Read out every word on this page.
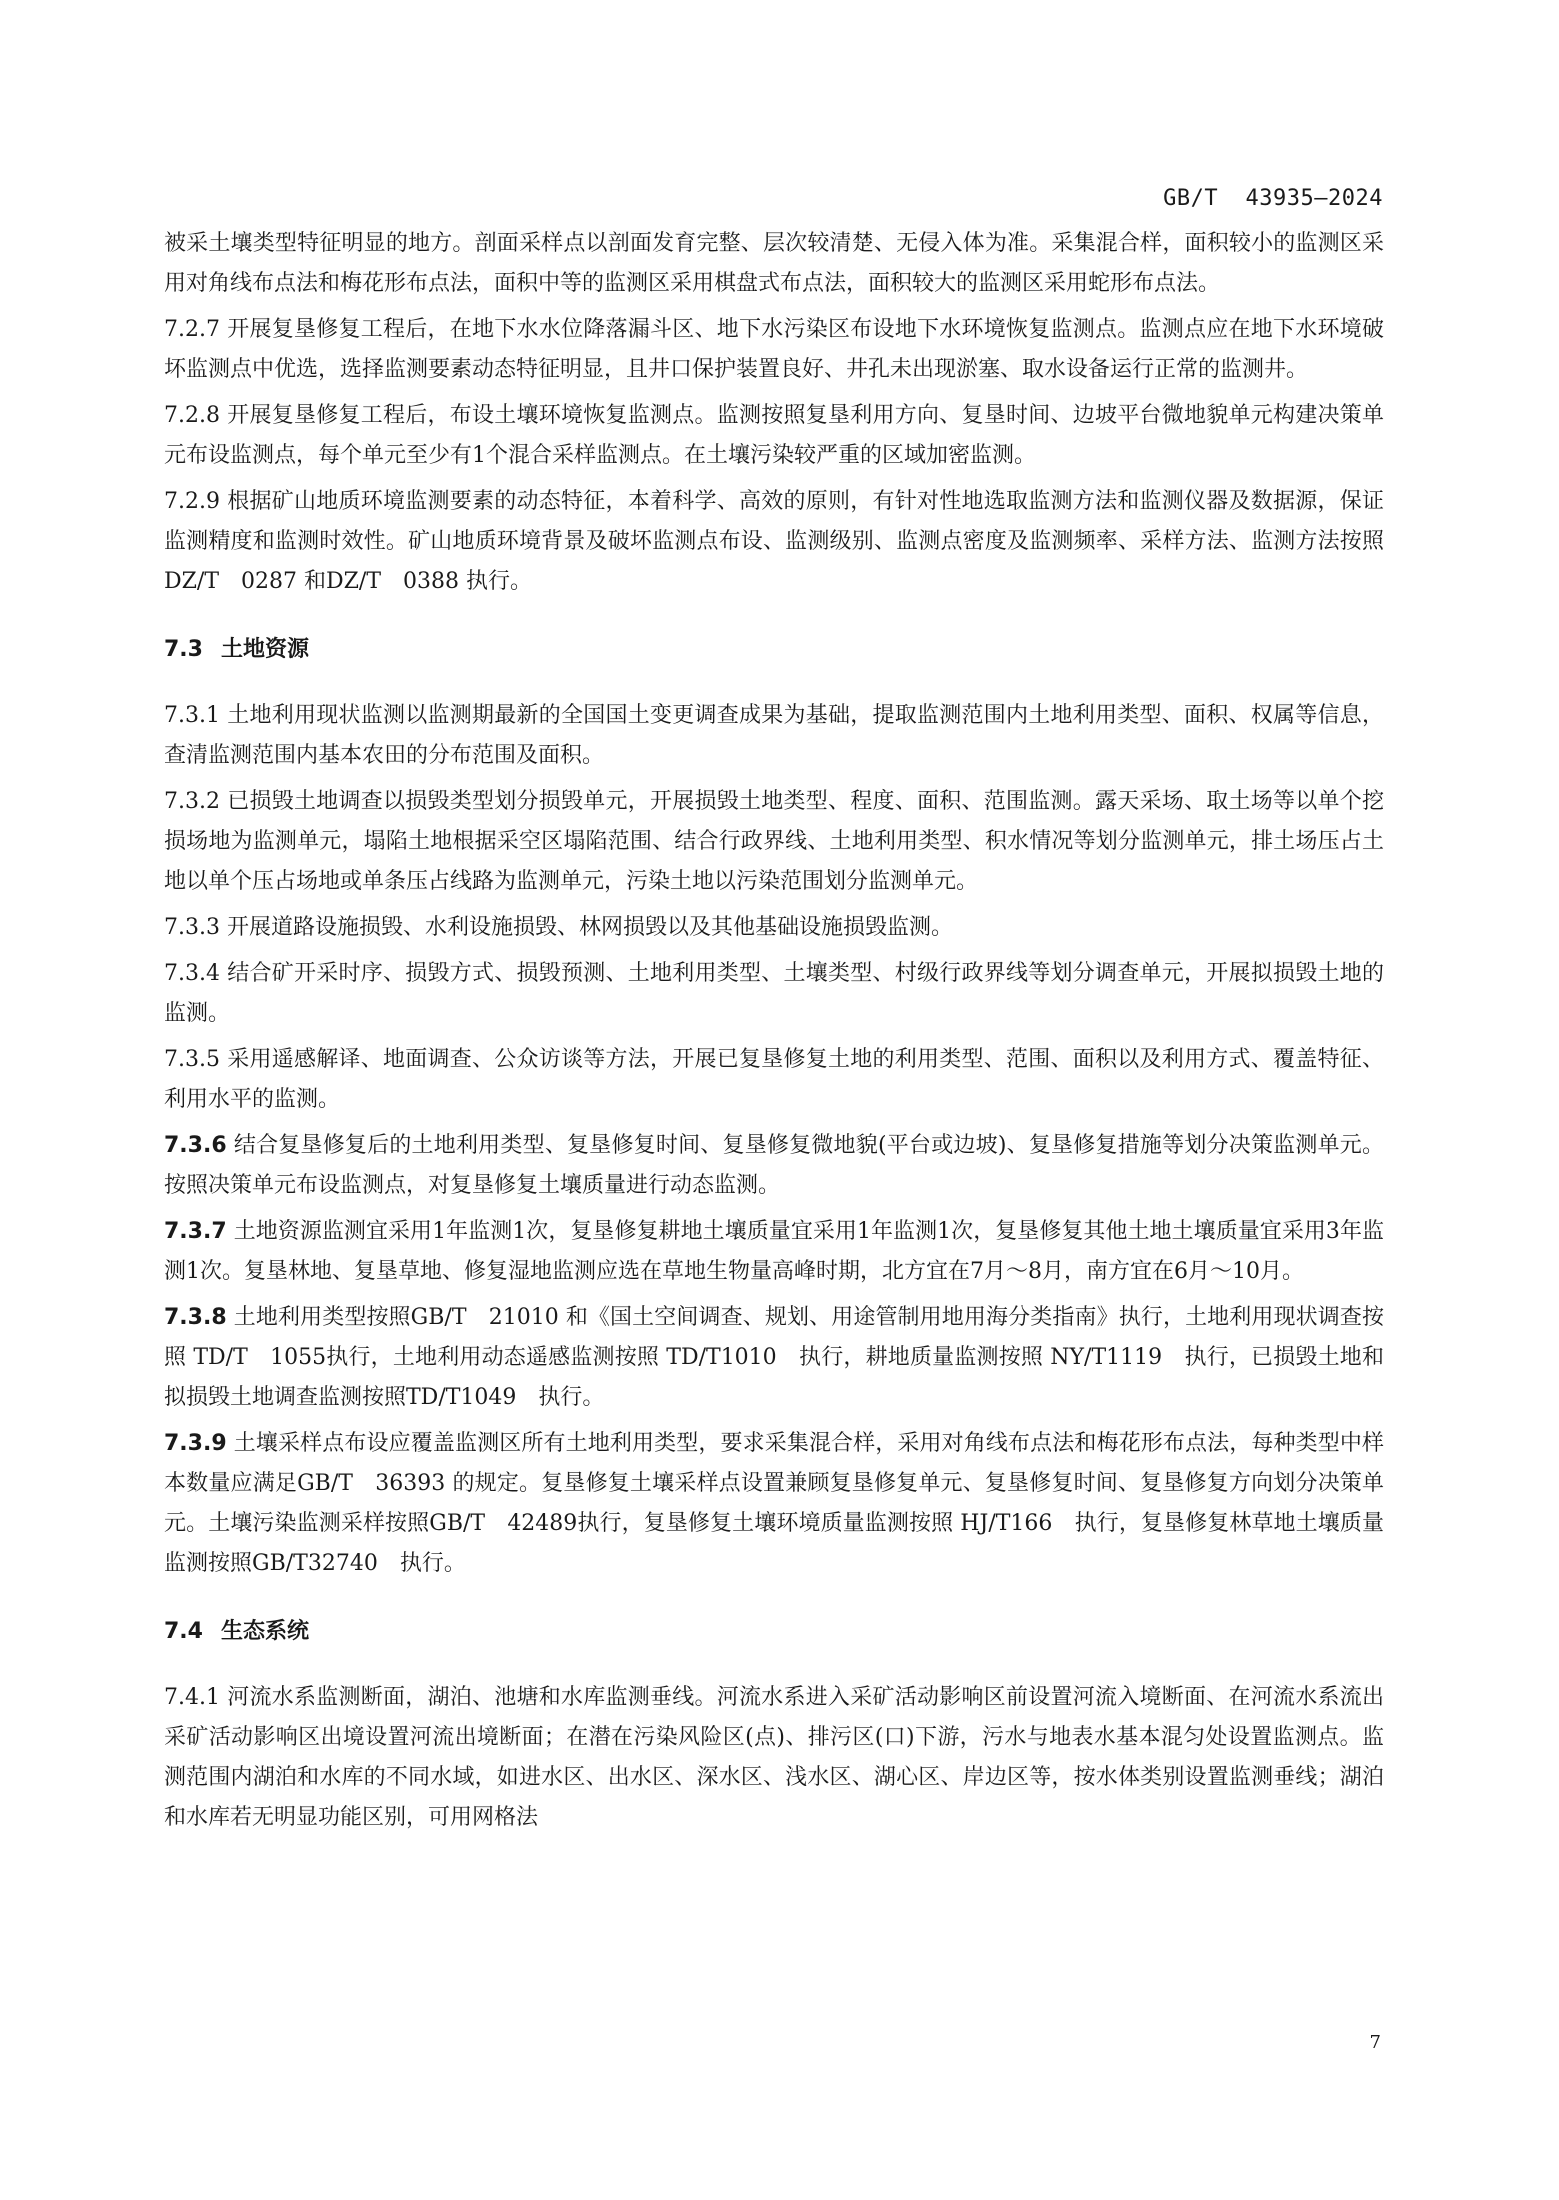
GB/T  43935—2024

被采土壤类型特征明显的地方。剖面采样点以剖面发育完整、层次较清楚、无侵入体为准。采集混合样，面积较小的监测区采用对角线布点法和梅花形布点法，面积中等的监测区采用棋盘式布点法，面积较大的监测区采用蛇形布点法。

7.2.7 开展复垦修复工程后，在地下水水位降落漏斗区、地下水污染区布设地下水环境恢复监测点。监测点应在地下水环境破坏监测点中优选，选择监测要素动态特征明显，且井口保护装置良好、井孔未出现淤塞、取水设备运行正常的监测井。

7.2.8 开展复垦修复工程后，布设土壤环境恢复监测点。监测按照复垦利用方向、复垦时间、边坡平台微地貌单元构建决策单元布设监测点，每个单元至少有1个混合采样监测点。在土壤污染较严重的区域加密监测。

7.2.9 根据矿山地质环境监测要素的动态特征，本着科学、高效的原则，有针对性地选取监测方法和监测仪器及数据源，保证监测精度和监测时效性。矿山地质环境背景及破坏监测点布设、监测级别、监测点密度及监测频率、采样方法、监测方法按照DZ/T　0287 和DZ/T　0388 执行。

7.3 土地资源

7.3.1 土地利用现状监测以监测期最新的全国国土变更调查成果为基础，提取监测范围内土地利用类型、面积、权属等信息，查清监测范围内基本农田的分布范围及面积。

7.3.2 已损毁土地调查以损毁类型划分损毁单元，开展损毁土地类型、程度、面积、范围监测。露天采场、取土场等以单个挖损场地为监测单元，塌陷土地根据采空区塌陷范围、结合行政界线、土地利用类型、积水情况等划分监测单元，排土场压占土地以单个压占场地或单条压占线路为监测单元，污染土地以污染范围划分监测单元。

7.3.3 开展道路设施损毁、水利设施损毁、林网损毁以及其他基础设施损毁监测。

7.3.4 结合矿开采时序、损毁方式、损毁预测、土地利用类型、土壤类型、村级行政界线等划分调查单元，开展拟损毁土地的监测。

7.3.5 采用遥感解译、地面调查、公众访谈等方法，开展已复垦修复土地的利用类型、范围、面积以及利用方式、覆盖特征、利用水平的监测。

7.3.6 结合复垦修复后的土地利用类型、复垦修复时间、复垦修复微地貌(平台或边坡)、复垦修复措施等划分决策监测单元。按照决策单元布设监测点，对复垦修复土壤质量进行动态监测。

7.3.7 土地资源监测宜采用1年监测1次，复垦修复耕地土壤质量宜采用1年监测1次，复垦修复其他土地土壤质量宜采用3年监测1次。复垦林地、复垦草地、修复湿地监测应选在草地生物量高峰时期，北方宜在7月～8月，南方宜在6月～10月。

7.3.8 土地利用类型按照GB/T　21010 和《国土空间调查、规划、用途管制用地用海分类指南》执行，土地利用现状调查按照 TD/T　1055执行，土地利用动态遥感监测按照 TD/T1010　执行，耕地质量监测按照 NY/T1119　执行，已损毁土地和拟损毁土地调查监测按照TD/T1049　执行。

7.3.9 土壤采样点布设应覆盖监测区所有土地利用类型，要求采集混合样，采用对角线布点法和梅花形布点法，每种类型中样本数量应满足GB/T　36393 的规定。复垦修复土壤采样点设置兼顾复垦修复单元、复垦修复时间、复垦修复方向划分决策单元。土壤污染监测采样按照GB/T　42489执行，复垦修复土壤环境质量监测按照 HJ/T166　执行，复垦修复林草地土壤质量监测按照GB/T32740　执行。

7.4 生态系统

7.4.1 河流水系监测断面，湖泊、池塘和水库监测垂线。河流水系进入采矿活动影响区前设置河流入境断面、在河流水系流出采矿活动影响区出境设置河流出境断面；在潜在污染风险区(点)、排污区(口)下游，污水与地表水基本混匀处设置监测点。监测范围内湖泊和水库的不同水域，如进水区、出水区、深水区、浅水区、湖心区、岸边区等，按水体类别设置监测垂线；湖泊和水库若无明显功能区别，可用网格法

7
